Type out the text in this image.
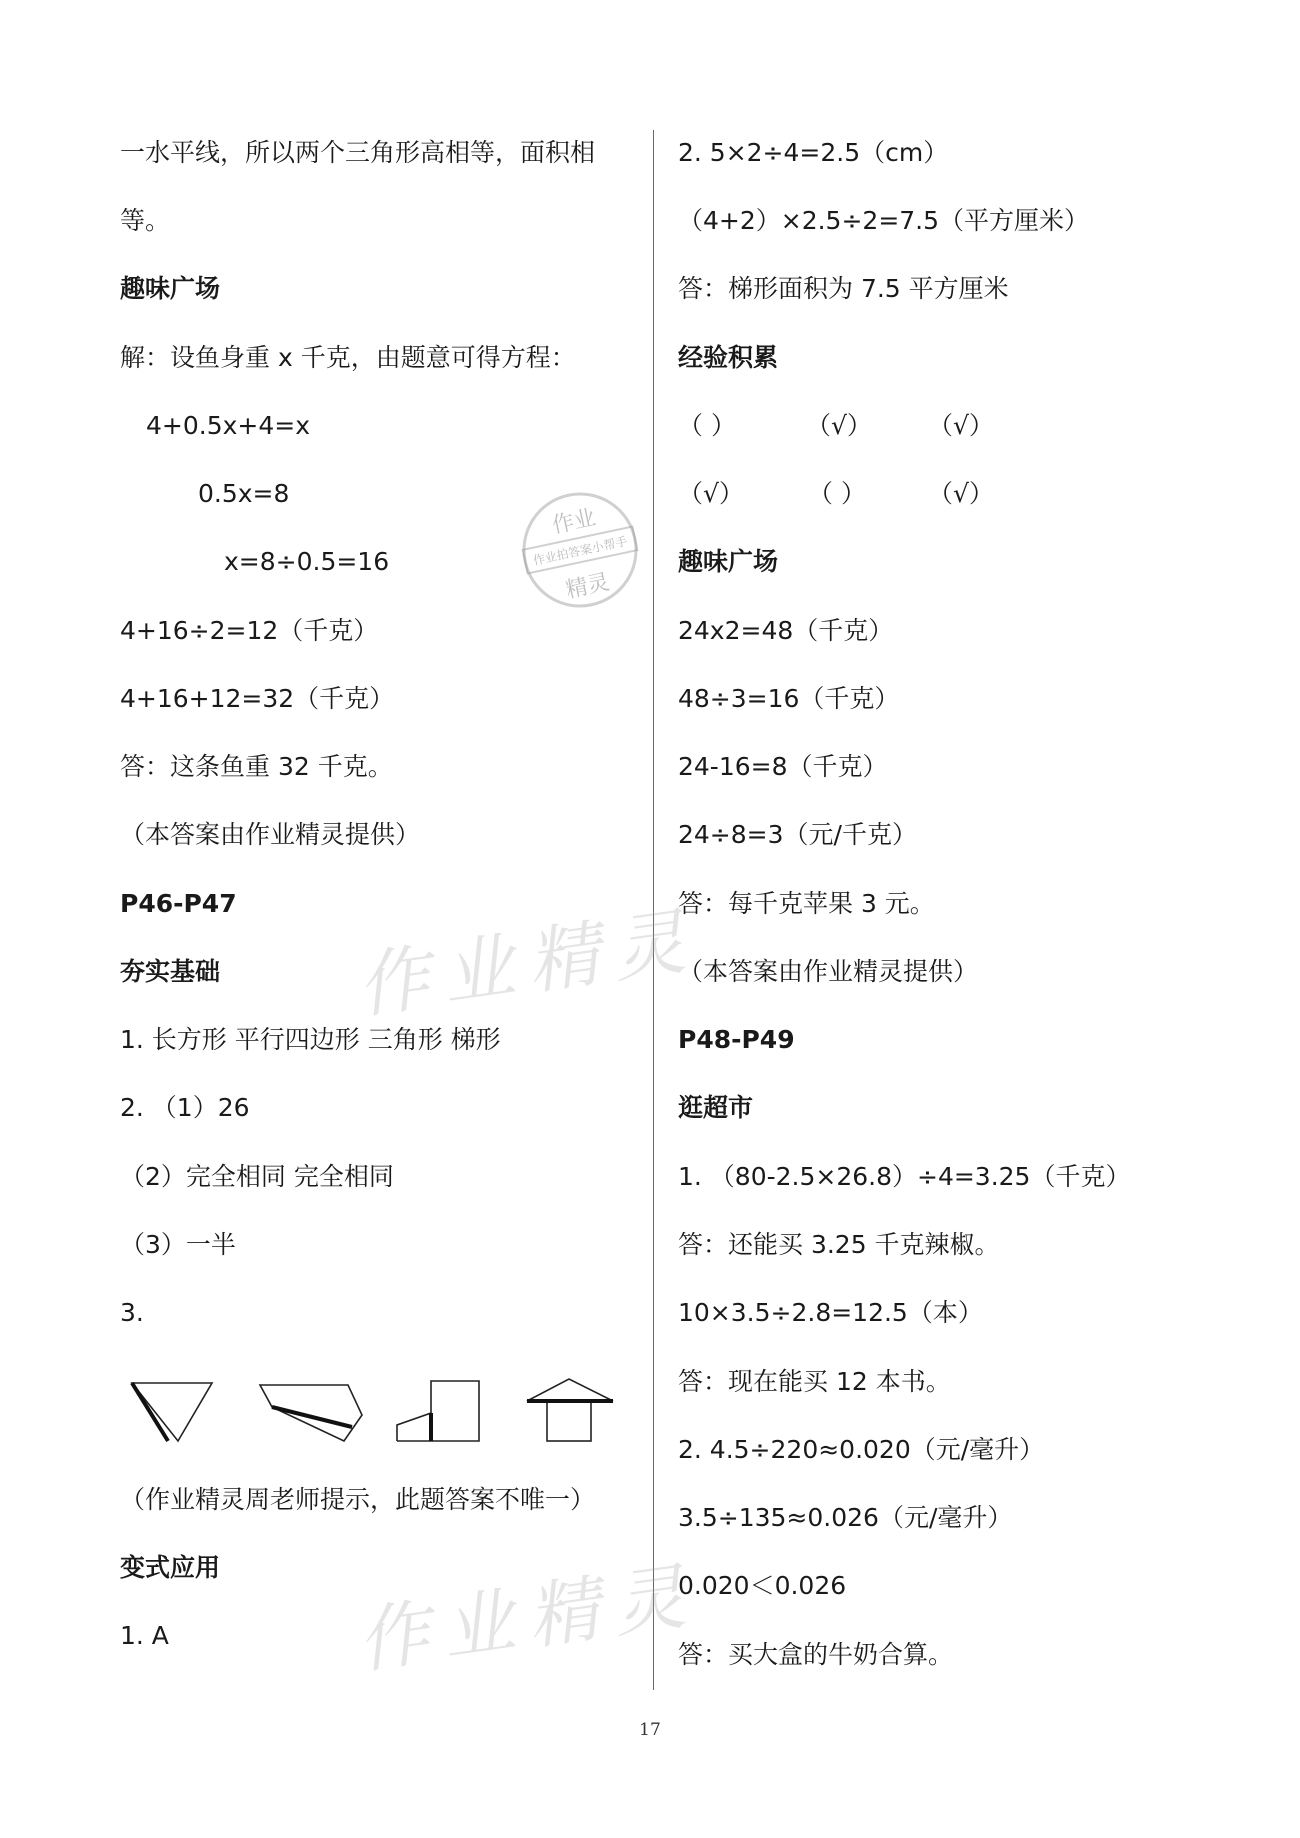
一水平线，所以两个三角形高相等，面积相
等。
趣味广场
解：设鱼身重 x 千克，由题意可得方程：
4+0.5x+4=x
0.5x=8
x=8÷0.5=16
4+16÷2=12（千克）
4+16+12=32（千克）
答：这条鱼重 32 千克。
（本答案由作业精灵提供）
P46-P47
夯实基础
1. 长方形 平行四边形 三角形 梯形
2. （1）26
（2）完全相同 完全相同
（3）一半
3.
（作业精灵周老师提示，此题答案不唯一）
变式应用
1. A
2. 5×2÷4=2.5（cm）
（4+2）×2.5÷2=7.5（平方厘米）
答：梯形面积为 7.5 平方厘米
经验积累
（ ）	（√） （√）
（√）	（ ） （√）
趣味广场
24x2=48（千克）
48÷3=16（千克）
24-16=8（千克）
24÷8=3（元/千克）
答：每千克苹果 3 元。
（本答案由作业精灵提供）
P48-P49
逛超市
1. （80-2.5×26.8）÷4=3.25（千克）
答：还能买 3.25 千克辣椒。
10×3.5÷2.8=12.5（本）
答：现在能买 12 本书。
2. 4.5÷220≈0.020（元/毫升）
3.5÷135≈0.026（元/毫升）
0.020＜0.026
答：买大盒的牛奶合算。
作业
作业拍答案小帮手
精灵
作业精灵
作业精灵
17
